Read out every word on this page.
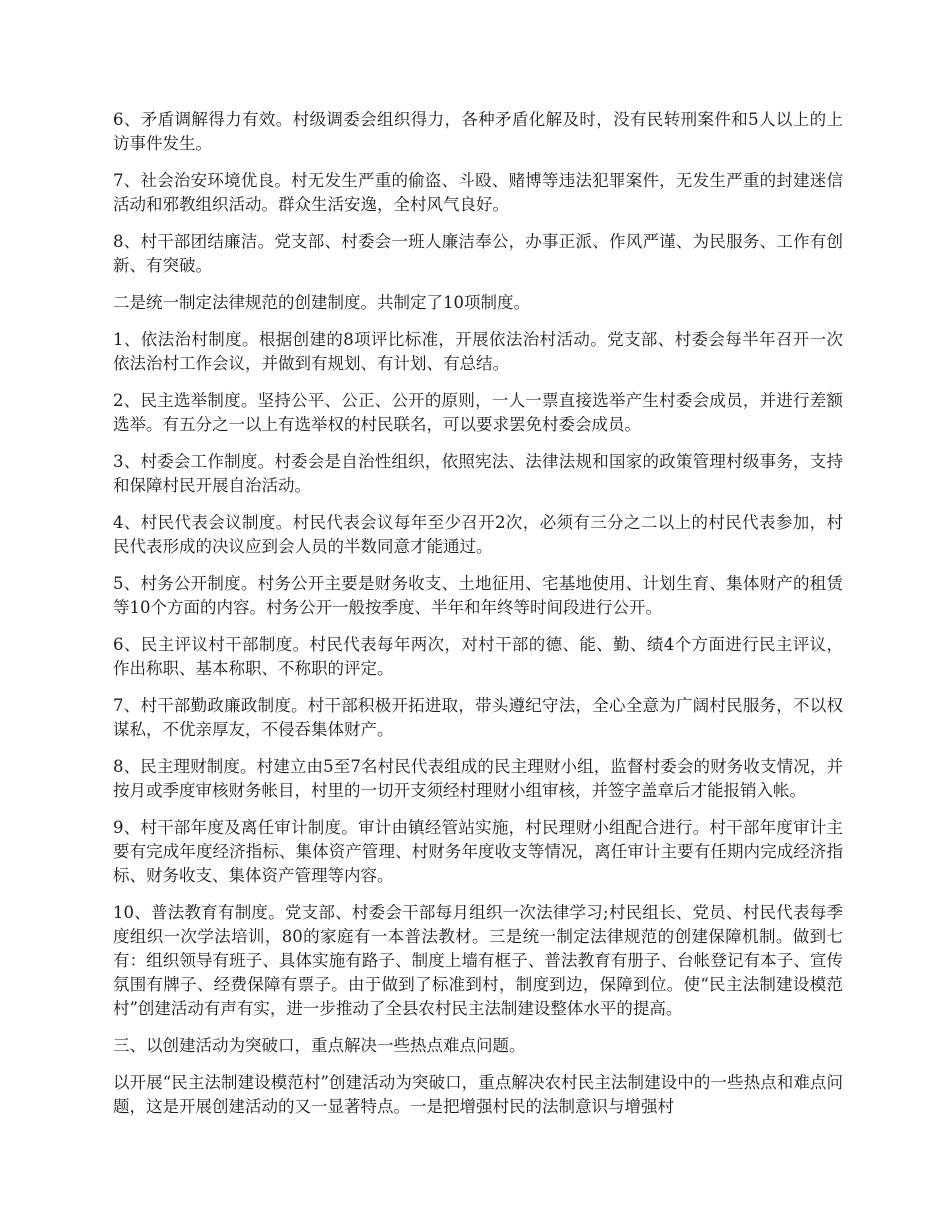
6、矛盾调解得力有效。村级调委会组织得力，各种矛盾化解及时，没有民转刑案件和5人以上的上访事件发生。

7、社会治安环境优良。村无发生严重的偷盗、斗殴、赌博等违法犯罪案件，无发生严重的封建迷信活动和邪教组织活动。群众生活安逸，全村风气良好。

8、村干部团结廉洁。党支部、村委会一班人廉洁奉公，办事正派、作风严谨、为民服务、工作有创新、有突破。

二是统一制定法律规范的创建制度。共制定了10项制度。

1、依法治村制度。根据创建的8项评比标准，开展依法治村活动。党支部、村委会每半年召开一次依法治村工作会议，并做到有规划、有计划、有总结。

2、民主选举制度。坚持公平、公正、公开的原则，一人一票直接选举产生村委会成员，并进行差额选举。有五分之一以上有选举权的村民联名，可以要求罢免村委会成员。

3、村委会工作制度。村委会是自治性组织，依照宪法、法律法规和国家的政策管理村级事务，支持和保障村民开展自治活动。

4、村民代表会议制度。村民代表会议每年至少召开2次，必须有三分之二以上的村民代表参加，村民代表形成的决议应到会人员的半数同意才能通过。

5、村务公开制度。村务公开主要是财务收支、土地征用、宅基地使用、计划生育、集体财产的租赁等10个方面的内容。村务公开一般按季度、半年和年终等时间段进行公开。

6、民主评议村干部制度。村民代表每年两次，对村干部的德、能、勤、绩4个方面进行民主评议，作出称职、基本称职、不称职的评定。

7、村干部勤政廉政制度。村干部积极开拓进取，带头遵纪守法，全心全意为广阔村民服务，不以权谋私，不优亲厚友，不侵吞集体财产。

8、民主理财制度。村建立由5至7名村民代表组成的民主理财小组，监督村委会的财务收支情况，并按月或季度审核财务帐目，村里的一切开支须经村理财小组审核，并签字盖章后才能报销入帐。

9、村干部年度及离任审计制度。审计由镇经管站实施，村民理财小组配合进行。村干部年度审计主要有完成年度经济指标、集体资产管理、村财务年度收支等情况，离任审计主要有任期内完成经济指标、财务收支、集体资产管理等内容。

10、普法教育有制度。党支部、村委会干部每月组织一次法律学习;村民组长、党员、村民代表每季度组织一次学法培训，80的家庭有一本普法教材。三是统一制定法律规范的创建保障机制。做到七有：组织领导有班子、具体实施有路子、制度上墙有框子、普法教育有册子、台帐登记有本子、宣传氛围有牌子、经费保障有票子。由于做到了标准到村，制度到边，保障到位。使“民主法制建设模范村”创建活动有声有实，进一步推动了全县农村民主法制建设整体水平的提高。

三、以创建活动为突破口，重点解决一些热点难点问题。

以开展“民主法制建设模范村”创建活动为突破口，重点解决农村民主法制建设中的一些热点和难点问题，这是开展创建活动的又一显著特点。一是把增强村民的法制意识与增强村
